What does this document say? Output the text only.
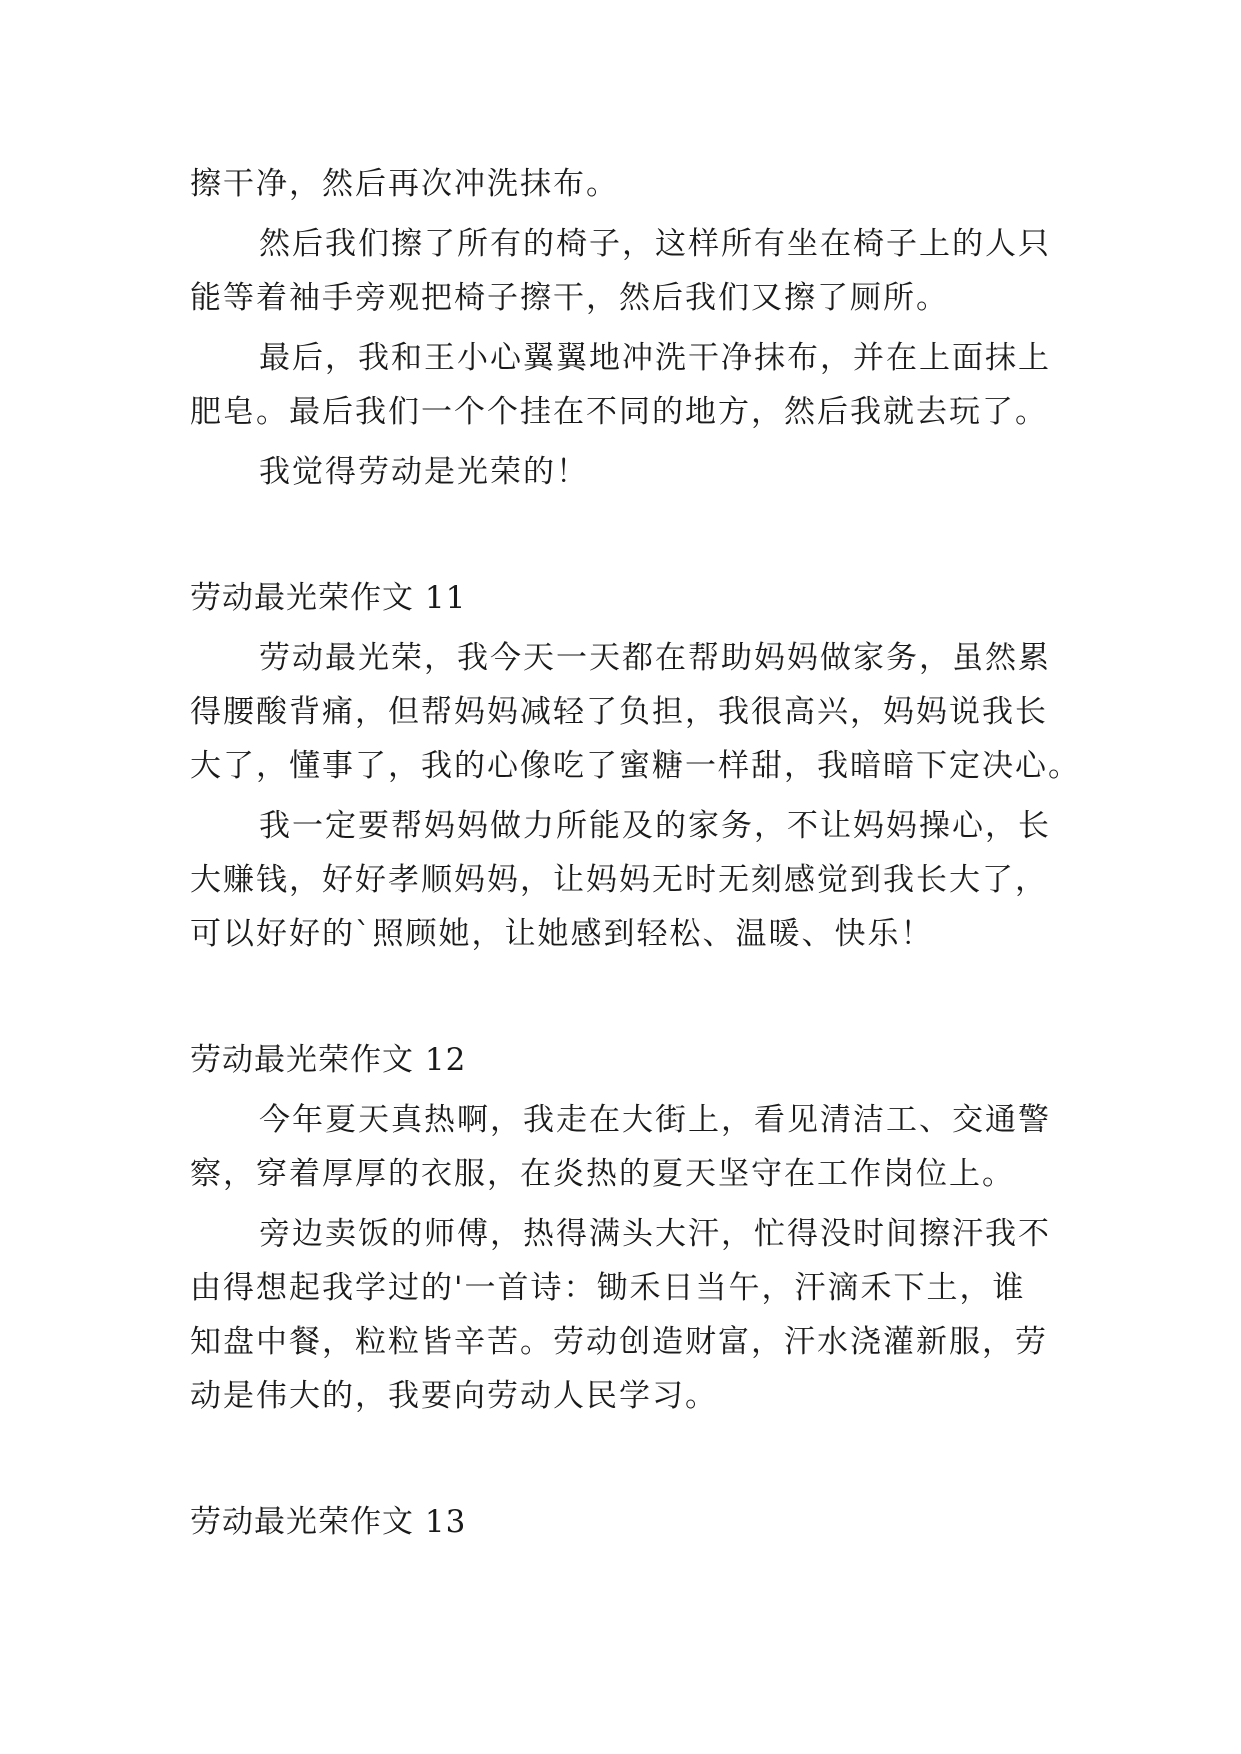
擦干净，然后再次冲洗抹布。
然后我们擦了所有的椅子，这样所有坐在椅子上的人只
能等着袖手旁观把椅子擦干，然后我们又擦了厕所。
最后，我和王小心翼翼地冲洗干净抹布，并在上面抹上
肥皂。最后我们一个个挂在不同的地方，然后我就去玩了。
我觉得劳动是光荣的！
劳动最光荣作文 11
劳动最光荣，我今天一天都在帮助妈妈做家务，虽然累
得腰酸背痛，但帮妈妈减轻了负担，我很高兴，妈妈说我长
大了，懂事了，我的心像吃了蜜糖一样甜，我暗暗下定决心。
我一定要帮妈妈做力所能及的家务，不让妈妈操心，长
大赚钱，好好孝顺妈妈，让妈妈无时无刻感觉到我长大了，
可以好好的`照顾她，让她感到轻松、温暖、快乐！
劳动最光荣作文 12
今年夏天真热啊，我走在大街上，看见清洁工、交通警
察，穿着厚厚的衣服，在炎热的夏天坚守在工作岗位上。
旁边卖饭的师傅，热得满头大汗，忙得没时间擦汗我不
由得想起我学过的'一首诗：锄禾日当午，汗滴禾下土，谁
知盘中餐，粒粒皆辛苦。劳动创造财富，汗水浇灌新服，劳
动是伟大的，我要向劳动人民学习。
劳动最光荣作文 13
